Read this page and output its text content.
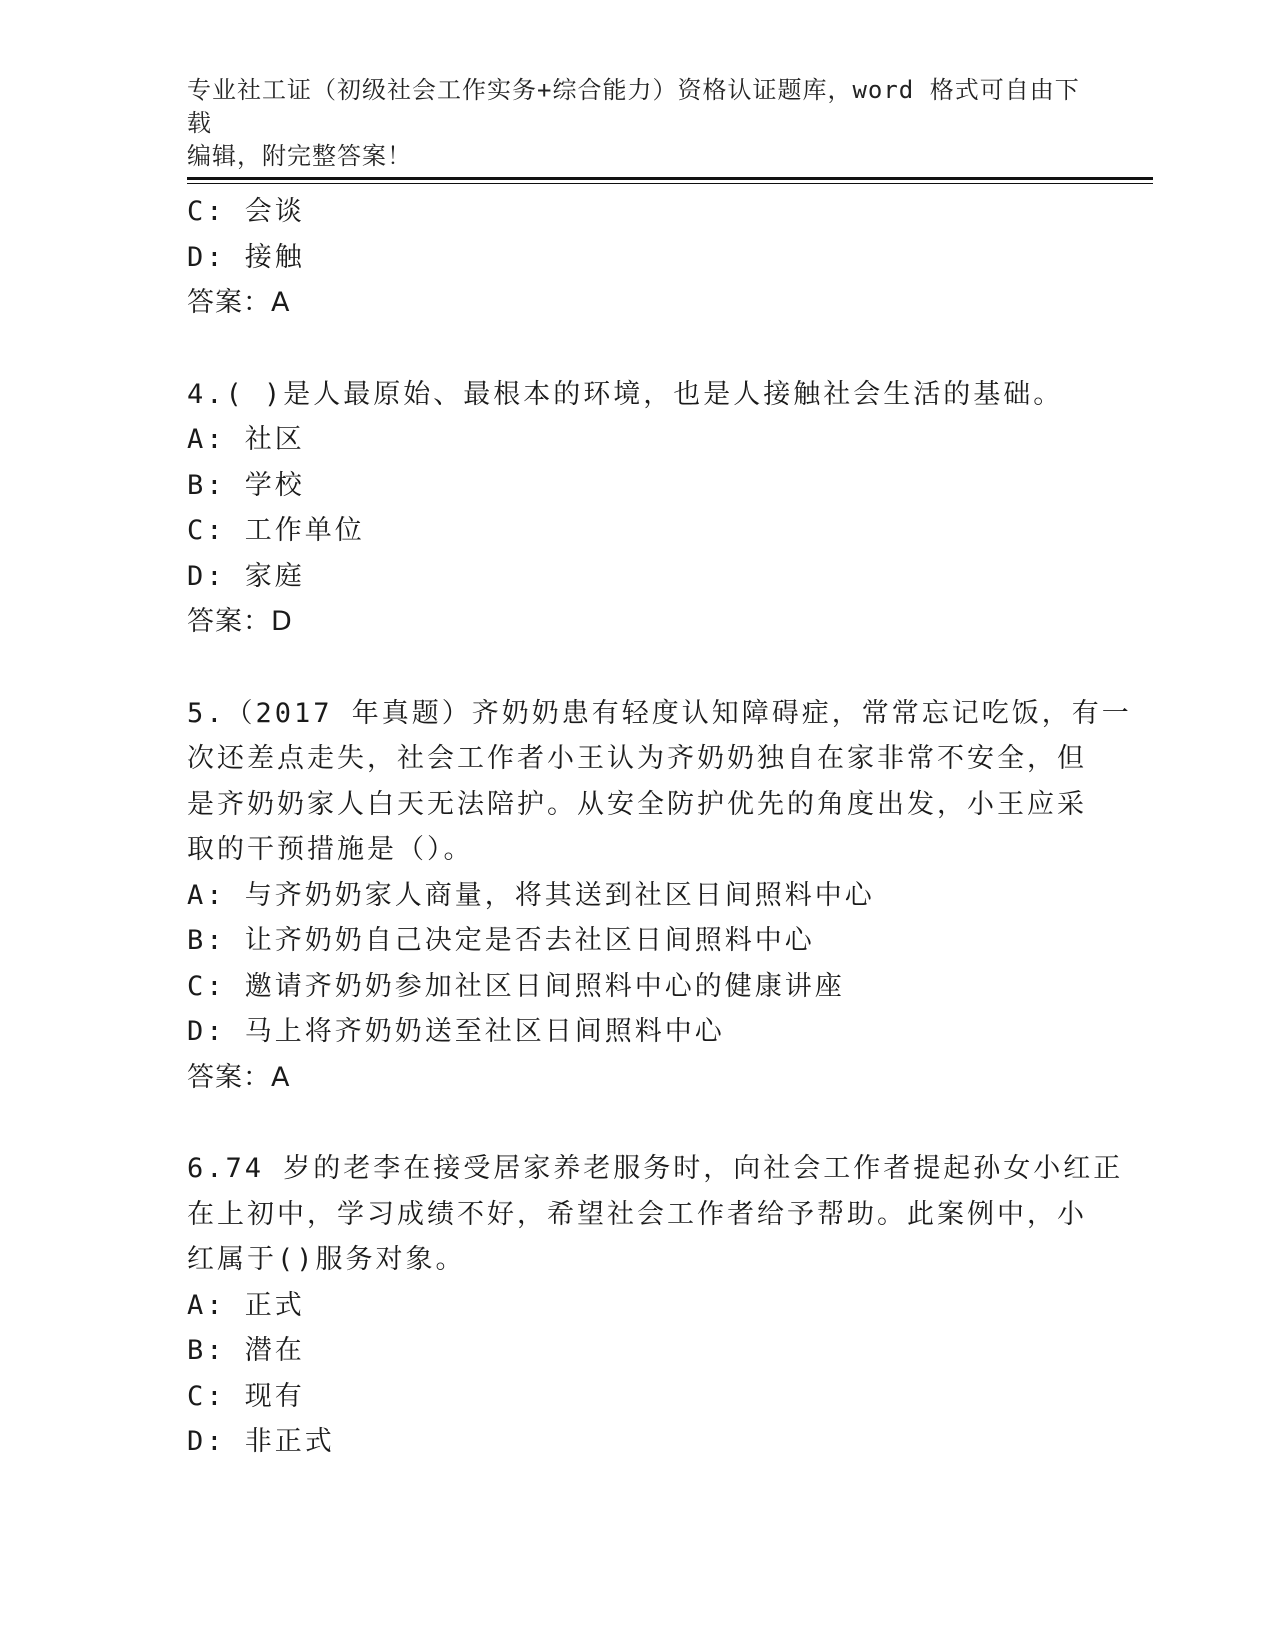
专业社工证（初级社会工作实务+综合能力）资格认证题库，word 格式可自由下载
编辑，附完整答案！
C: 会谈
D: 接触
答案：A
4.( )是人最原始、最根本的环境，也是人接触社会生活的基础。
A: 社区
B: 学校
C: 工作单位
D: 家庭
答案：D
5.（2017 年真题）齐奶奶患有轻度认知障碍症，常常忘记吃饭，有一
次还差点走失，社会工作者小王认为齐奶奶独自在家非常不安全，但
是齐奶奶家人白天无法陪护。从安全防护优先的角度出发，小王应采
取的干预措施是（）。
A: 与齐奶奶家人商量，将其送到社区日间照料中心
B: 让齐奶奶自己决定是否去社区日间照料中心
C: 邀请齐奶奶参加社区日间照料中心的健康讲座
D: 马上将齐奶奶送至社区日间照料中心
答案：A
6.74 岁的老李在接受居家养老服务时，向社会工作者提起孙女小红正
在上初中，学习成绩不好，希望社会工作者给予帮助。此案例中，小
红属于()服务对象。
A: 正式
B: 潜在
C: 现有
D: 非正式
